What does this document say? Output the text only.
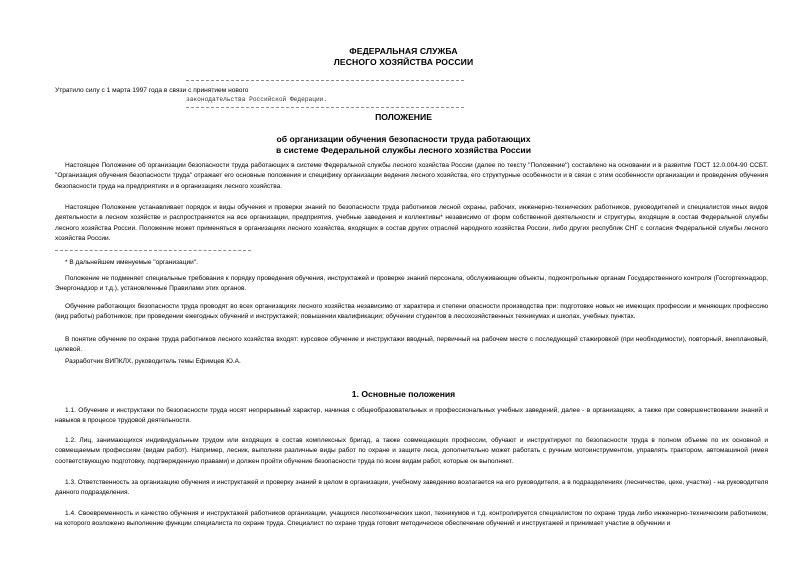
ФЕДЕРАЛЬНАЯ СЛУЖБА
ЛЕСНОГО ХОЗЯЙСТВА РОССИИ
Утратило силу с 1 марта 1997 года в связи с принятием нового
законодательства Российской Федерации.
ПОЛОЖЕНИЕ
об организации обучения безопасности труда работающих
в системе Федеральной службы лесного хозяйства России

Настоящее Положение об организации безопасности труда работающих в системе Федеральной службы лесного хозяйства России (далее по тексту "Положение") составлено на основании и в развитие ГОСТ 12.0.004-90 ССБТ. "Организация обучения безопасности труда" отражает его основные положения и специфику организации ведения лесного хозяйства, его структурные особенности и в связи с этим особенности организации и проведения обучения безопасности труда на предприятиях и в организациях лесного хозяйства.

Настоящее Положение устанавливает порядок и виды обучения и проверки знаний по безопасности труда работников лесной охраны, рабочих, инженерно-технических работников, руководителей и специалистов иных видов деятельности в лесном хозяйстве и распространяется на все организации, предприятия, учебные заведения и коллективы* независимо от форм собственной деятельности и структуры, входящие в состав Федеральной службы лесного хозяйства России. Положение может применяться в организациях лесного хозяйства, входящих в состав других отраслей народного хозяйства России, либо других республик СНГ с согласия Федеральной службы лесного хозяйства России.

* В дальнейшем именуемые "организации".

Положение не подменяет специальные требования к порядку проведения обучения, инструктажей и проверке знаний персонала, обслуживающие объекты, подконтрольные органам Государственного контроля (Госгортехнадзор, Энергонадзор и т.д.), установленные Правилами этих органов.

Обучение работающих безопасности труда проводят во всех организациях лесного хозяйства независимо от характера и степени опасности производства при: подготовке новых не имеющих профессии и меняющих профессию (вид работы) работников; при проведении ежегодных обучений и инструктажей; повышении квалификации; обучении студентов в лесохозяйственных техникумах и школах, учебных пунктах.

В понятие обучение по охране труда работников лесного хозяйства входят: курсовое обучение и инструктажи вводный, первичный на рабочем месте с последующей стажировкой (при необходимости), повторный, внеплановый, целевой.

Разработчик ВИПКЛХ, руководитель темы Ефимцев Ю.А.

1. Основные положения

1.1. Обучение и инструктажи по безопасности труда носят непрерывный характер, начиная с общеобразовательных и профессиональных учебных заведений, далее - в организациях, а также при совершенствовании знаний и навыков в процессе трудовой деятельности.

1.2. Лиц, занимающихся индивидуальным трудом или входящих в состав комплексных бригад, а также совмещающих профессии, обучают и инструктируют по безопасности труда в полном объеме по их основной и совмещаемым профессиям (видам работ). Например, лесник, выполняя различные виды работ по охране и защите леса, дополнительно может работать с ручным мотоинструментом, управлять трактором, автомашиной (имея соответствующую подготовку, подтвержденную правами) и должен пройти обучение безопасности труда по всем видам работ, которые он выполняет.

1.3. Ответственность за организацию обучения и инструктажей и проверку знаний в целом в организации, учебному заведению возлагается на его руководителя, а в подразделениях (лесничестве, цехе, участке) - на руководителя данного подразделения.

1.4. Своевременность и качество обучения и инструктажей работников организации, учащихся лесотехнических школ, техникумов и т.д. контролируется специалистом по охране труда либо инженерно-техническим работником, на которого возложено выполнение функции специалиста по охране труда. Специалист по охране труда готовит методическое обеспечение обучений и инструктажей и принимает участие в обучении и
